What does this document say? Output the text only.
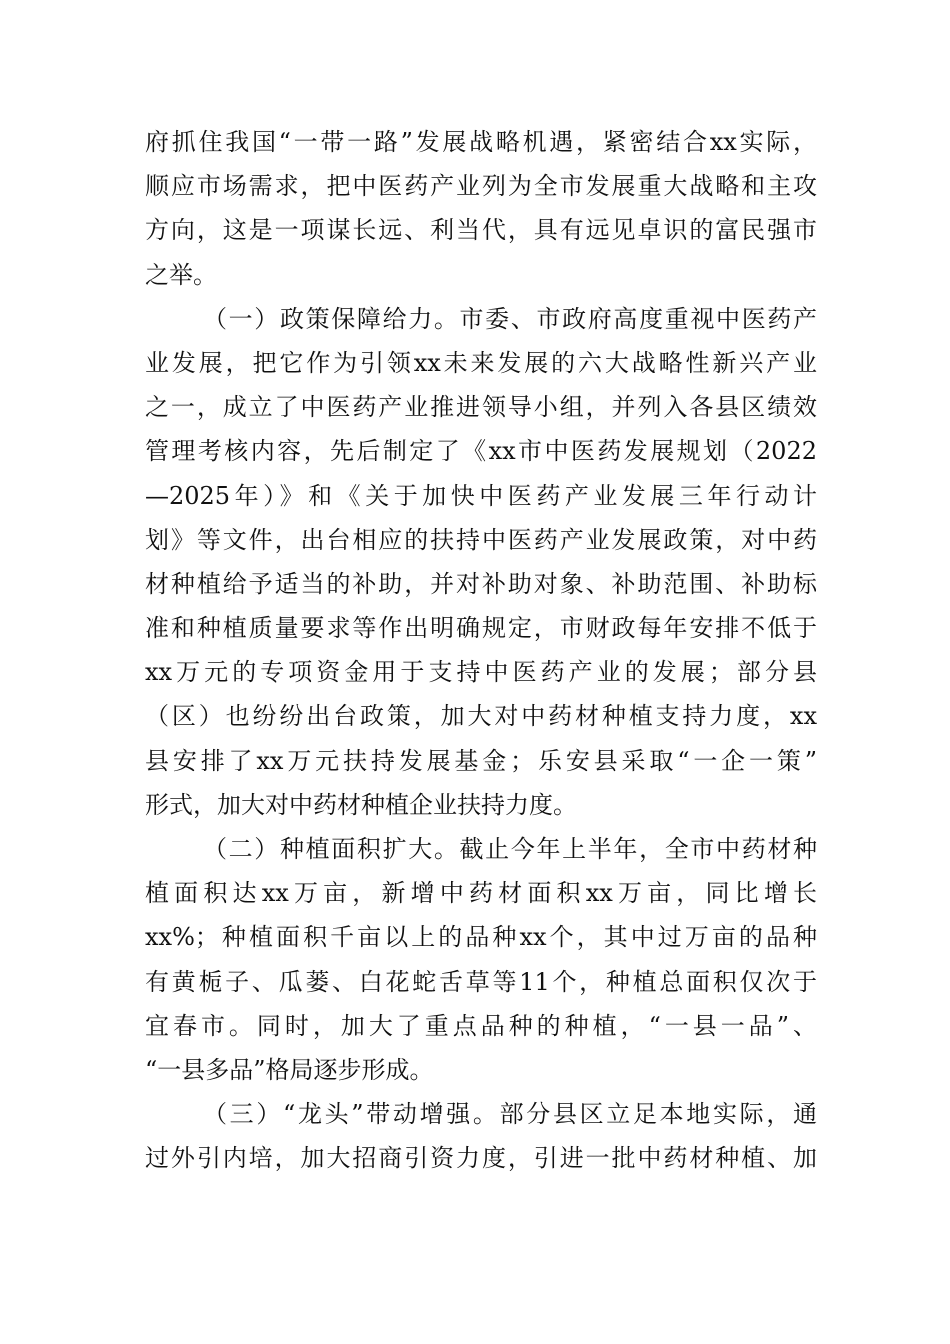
府抓住我国“一带一路”发展战略机遇，紧密结合xx实际，
顺应市场需求，把中医药产业列为全市发展重大战略和主攻
方向，这是一项谋长远、利当代，具有远见卓识的富民强市
之举。
（一）政策保障给力。市委、市政府高度重视中医药产
业发展，把它作为引领xx未来发展的六大战略性新兴产业
之一，成立了中医药产业推进领导小组，并列入各县区绩效
管理考核内容，先后制定了《xx市中医药发展规划（2022
—2025年）》和《关于加快中医药产业发展三年行动计
划》等文件，出台相应的扶持中医药产业发展政策，对中药
材种植给予适当的补助，并对补助对象、补助范围、补助标
准和种植质量要求等作出明确规定，市财政每年安排不低于
xx万元的专项资金用于支持中医药产业的发展；部分县
（区）也纷纷出台政策，加大对中药材种植支持力度，xx
县安排了xx万元扶持发展基金；乐安县采取“一企一策”
形式，加大对中药材种植企业扶持力度。
（二）种植面积扩大。截止今年上半年，全市中药材种
植面积达xx万亩，新增中药材面积xx万亩，同比增长
xx%；种植面积千亩以上的品种xx个，其中过万亩的品种
有黄栀子、瓜蒌、白花蛇舌草等11个，种植总面积仅次于
宜春市。同时，加大了重点品种的种植，“一县一品”、
“一县多品”格局逐步形成。
（三）“龙头”带动增强。部分县区立足本地实际，通
过外引内培，加大招商引资力度，引进一批中药材种植、加
